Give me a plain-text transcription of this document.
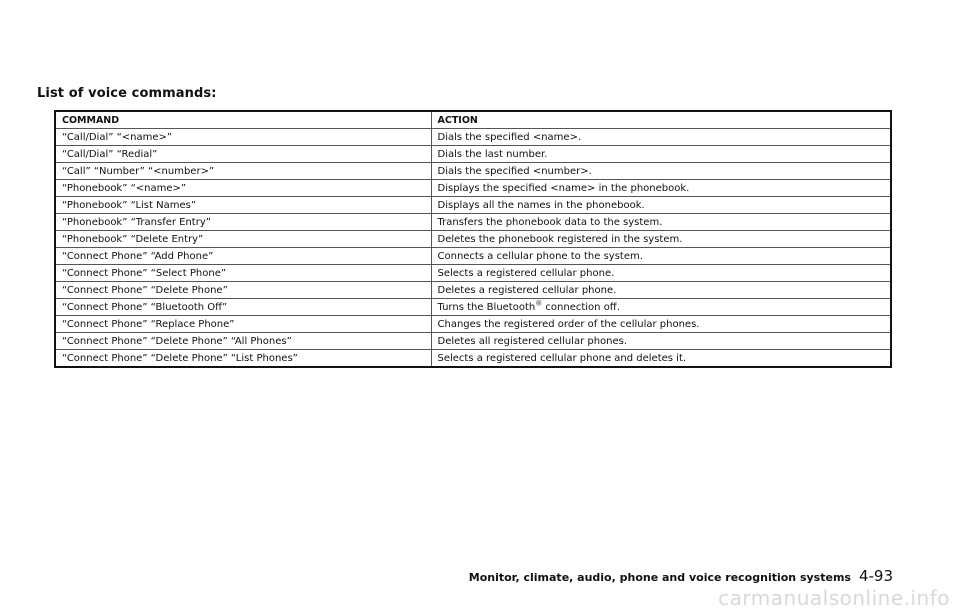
List of voice commands:
COMMAND	ACTION
“Call/Dial” “<name>”	Dials the specified <name>.
“Call/Dial” “Redial”	Dials the last number.
“Call” “Number” “<number>”	Dials the specified <number>.
“Phonebook” “<name>”	Displays the specified <name> in the phonebook.
“Phonebook” “List Names”	Displays all the names in the phonebook.
“Phonebook” “Transfer Entry”	Transfers the phonebook data to the system.
“Phonebook” “Delete Entry”	Deletes the phonebook registered in the system.
“Connect Phone” “Add Phone”	Connects a cellular phone to the system.
“Connect Phone” “Select Phone”	Selects a registered cellular phone.
“Connect Phone” “Delete Phone”	Deletes a registered cellular phone.
“Connect Phone” “Bluetooth Off”	Turns the Bluetooth® connection off.
“Connect Phone” “Replace Phone”	Changes the registered order of the cellular phones.
“Connect Phone” “Delete Phone” “All Phones”	Deletes all registered cellular phones.
“Connect Phone” “Delete Phone” “List Phones”	Selects a registered cellular phone and deletes it.
Monitor, climate, audio, phone and voice recognition systems 4-93
carmanualsonline.info
